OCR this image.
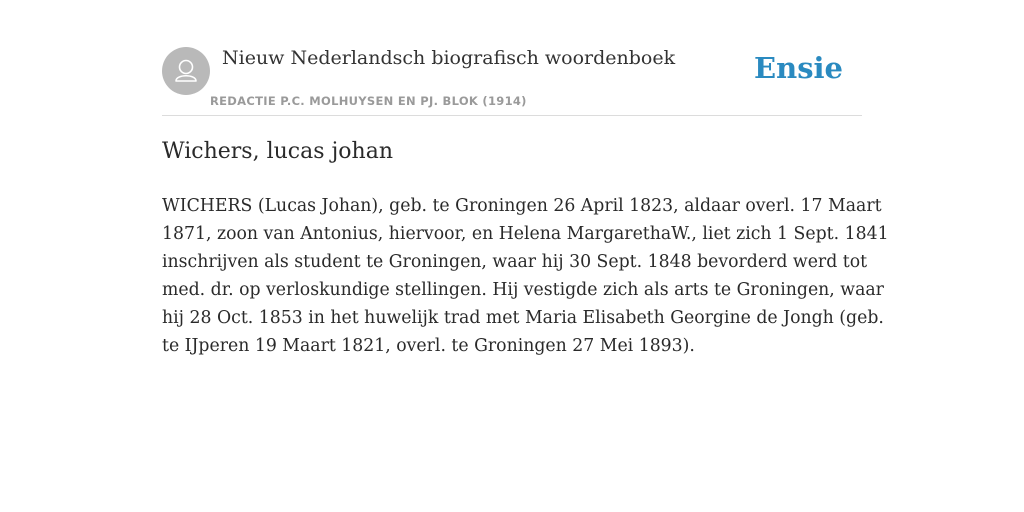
Nieuw Nederlandsch biografisch woordenboek
REDACTIE P.C. MOLHUYSEN EN PJ. BLOK (1914)
Ensie
Wichers, lucas johan

WICHERS (Lucas Johan), geb. te Groningen 26 April 1823, aldaar overl. 17 Maart
1871, zoon van Antonius, hiervoor, en Helena MargarethaW., liet zich 1 Sept. 1841
inschrijven als student te Groningen, waar hij 30 Sept. 1848 bevorderd werd tot
med. dr. op verloskundige stellingen. Hij vestigde zich als arts te Groningen, waar
hij 28 Oct. 1853 in het huwelijk trad met Maria Elisabeth Georgine de Jongh (geb.
te IJperen 19 Maart 1821, overl. te Groningen 27 Mei 1893).
